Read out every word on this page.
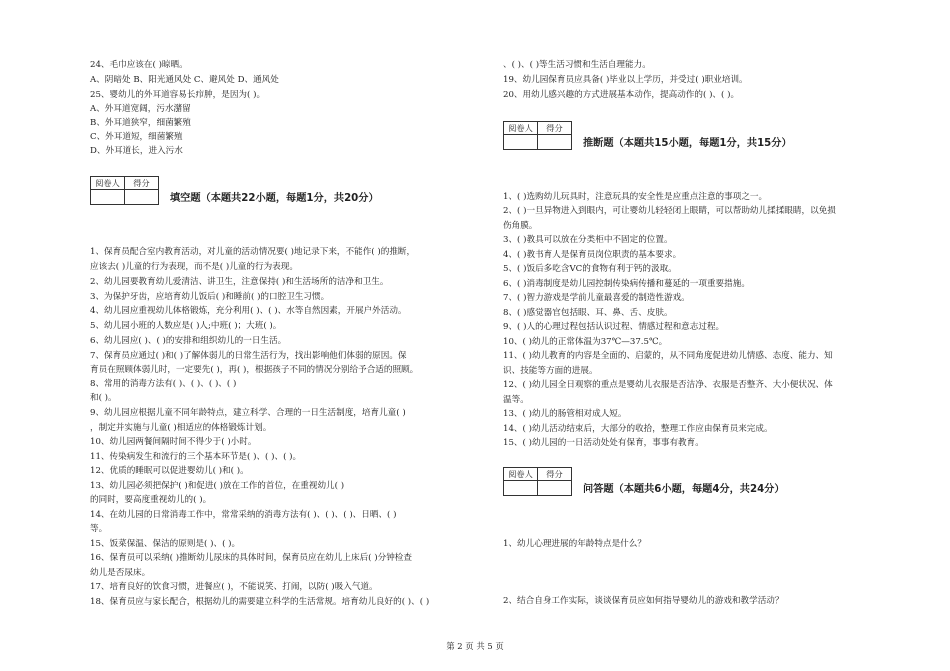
24、毛巾应该在( )晾晒。
A、阴暗处 B、阳光通风处 C、避风处 D、通风处
25、婴幼儿的外耳道容易长疖肿，是因为( )。
A、外耳道宽阔，污水潴留
B、外耳道狭窄，细菌繁殖
C、外耳道短，细菌繁殖
D、外耳道长，进入污水
阅卷人	得分

填空题（本题共22小题，每题1分，共20分）
1、保育员配合室内教育活动，对儿童的活动情况要( )地记录下来，不能作( )的推断，
应该去( )儿童的行为表现，而不是( )儿童的行为表现。
2、幼儿园要教育幼儿爱清洁、讲卫生，注意保持( )和生活场所的洁净和卫生。
3、为保护牙齿，应培育幼儿饭后( )和睡前( )的口腔卫生习惯。
4、幼儿园应重视幼儿体格锻炼，充分利用( )、( )、水等自然因素，开展户外活动。
5、幼儿园小班的人数应是( )人;中班( )；大班( )。
6、幼儿园应( )、( )的安排和组织幼儿的一日生活。
7、保育员应通过( )和( )了解体弱儿的日常生活行为，找出影响他们体弱的原因。保
育员在照顾体弱儿时，一定要先( )，再( )，根据孩子不同的情况分别给予合适的照顾。
8、常用的消毒方法有( )、( )、( )、( )
和( )。
9、幼儿园应根据儿童不同年龄特点，建立科学、合理的一日生活制度，培育儿童( )
，制定并实施与儿童( )相适应的体格锻炼计划。
10、幼儿园两餐间隔时间不得少于( )小时。
11、传染病发生和流行的三个基本环节是( )、( )、( )。
12、优质的睡眠可以促进婴幼儿( )和( )。
13、幼儿园必须把保护( )和促进( )放在工作的首位，在重视幼儿( )
的同时，要高度重视幼儿的( )。
14、在幼儿园的日常消毒工作中，常常采纳的消毒方法有( )、( )、( )、日晒、( )
等。
15、饭菜保温、保洁的原则是( )、( )。
16、保育员可以采纳( )推断幼儿尿床的具体时间，保育员应在幼儿上床后( )分钟检查
幼儿是否尿床。
17、培育良好的饮食习惯，进餐应( )，不能说笑、打闹，以防( )吸入气道。
18、保育员应与家长配合，根据幼儿的需要建立科学的生活常规。培育幼儿良好的( )、( )
、( )、( )等生活习惯和生活自理能力。
19、幼儿园保育员应具备( )毕业以上学历，并受过( )职业培训。
20、用幼儿感兴趣的方式进展基本动作，提高动作的( )、( )。
阅卷人	得分

推断题（本题共15小题，每题1分，共15分）
1、( )选购幼儿玩具时，注意玩具的安全性是应重点注意的事项之一。
2、( )一旦异物进入到眼内，可让婴幼儿轻轻闭上眼睛，可以帮助幼儿揉揉眼睛，以免损
伤角膜。
3、( )教具可以放在分类柜中不固定的位置。
4、( )教书育人是保育员岗位职责的基本要求。
5、( )饭后多吃含VC的食物有利于钙的汲取。
6、( )消毒制度是幼儿园控制传染病传播和蔓延的一项重要措施。
7、( )智力游戏是学前儿童最喜爱的制造性游戏。
8、( )感觉器官包括眼、耳、鼻、舌、皮肤。
9、( )人的心理过程包括认识过程、情感过程和意志过程。
10、( )幼儿的正常体温为37℃—37.5℃。
11、( )幼儿教育的内容是全面的、启蒙的，从不同角度促进幼儿情感、态度、能力、知
识、技能等方面的进展。
12、( )幼儿园全日观察的重点是婴幼儿衣服是否洁净、衣服是否整齐、大小便状况、体
温等。
13、( )幼儿的肠管相对成人短。
14、( )幼儿活动结束后，大部分的收拾，整理工作应由保育员来完成。
15、( )幼儿园的一日活动处处有保育，事事有教育。
阅卷人	得分

问答题（本题共6小题，每题4分，共24分）
1、幼儿心理进展的年龄特点是什么？
2、结合自身工作实际，谈谈保育员应如何指导婴幼儿的游戏和教学活动？
第 2 页 共 5 页
